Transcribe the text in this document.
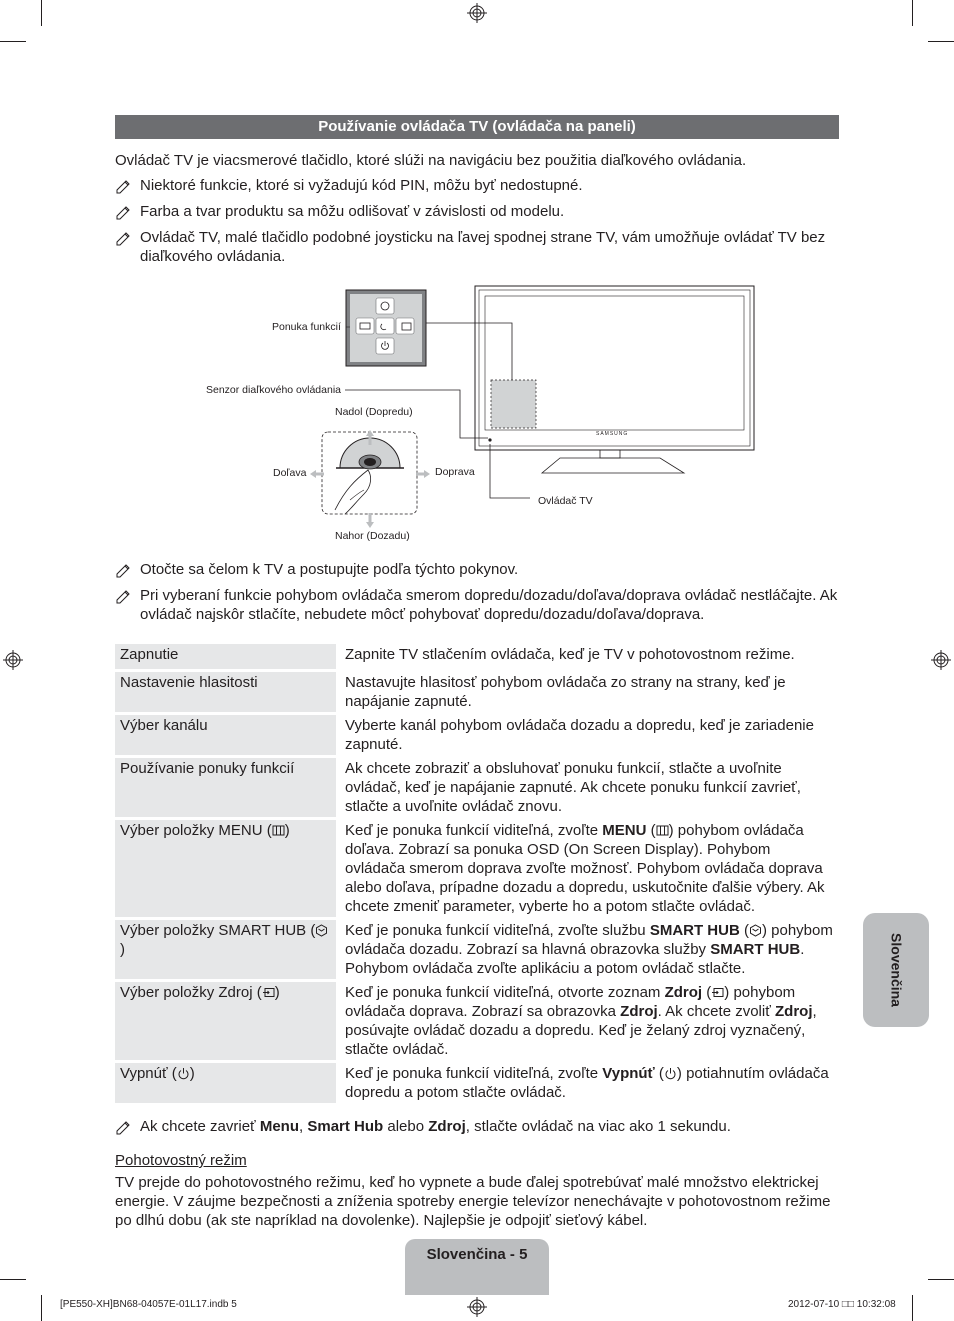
Používanie ovládača TV (ovládača na paneli)
Ovládač TV je viacsmerové tlačidlo, ktoré slúži na navigáciu bez použitia diaľkového ovládania.
Niektoré funkcie, ktoré si vyžadujú kód PIN, môžu byť nedostupné.
Farba a tvar produktu sa môžu odlišovať v závislosti od modelu.
Ovládač TV, malé tlačidlo podobné joysticku na ľavej spodnej strane TV, vám umožňuje ovládať TV bez diaľkového ovládania.
Ponuka funkcií
Senzor diaľkového ovládania
Nadol (Dopredu)
Doľava	Doprava
Nahor (Dozadu)
Ovládač TV
SAMSUNG
Otočte sa čelom k TV a postupujte podľa týchto pokynov.
Pri vyberaní funkcie pohybom ovládača smerom dopredu/dozadu/doľava/doprava ovládač nestláčajte. Ak ovládač najskôr stlačíte, nebudete môcť pohybovať dopredu/dozadu/doľava/doprava.
Zapnutie		Zapnite TV stlačením ovládača, keď je TV v pohotovostnom režime.
Nastavenie hlasitosti		Nastavujte hlasitosť pohybom ovládača zo strany na strany, keď je napájanie zapnuté.
Výber kanálu		Vyberte kanál pohybom ovládača dozadu a dopredu, keď je zariadenie zapnuté.
Používanie ponuky funkcií		Ak chcete zobraziť a obsluhovať ponuku funkcií, stlačte a uvoľnite ovládač, keď je napájanie zapnuté. Ak chcete ponuku funkcií zavrieť, stlačte a uvoľnite ovládač znovu.
Výber položky MENU ( )		Keď je ponuka funkcií viditeľná, zvoľte MENU ( ) pohybom ovládača doľava. Zobrazí sa ponuka OSD (On Screen Display). Pohybom ovládača smerom doprava zvoľte možnosť. Pohybom ovládača doprava alebo doľava, prípadne dozadu a dopredu, uskutočnite ďalšie výbery. Ak chcete zmeniť parameter, vyberte ho a potom stlačte ovládač.
Výber položky SMART HUB ()		Keď je ponuka funkcií viditeľná, zvoľte službu SMART HUB ( ) pohybom ovládača dozadu. Zobrazí sa hlavná obrazovka služby SMART HUB. Pohybom ovládača zvoľte aplikáciu a potom ovládač stlačte.
Výber položky Zdroj ( )		Keď je ponuka funkcií viditeľná, otvorte zoznam Zdroj ( ) pohybom ovládača doprava. Zobrazí sa obrazovka Zdroj. Ak chcete zvoliť Zdroj, posúvajte ovládač dozadu a dopredu. Keď je želaný zdroj vyznačený, stlačte ovládač.
Vypnúť ( )		Keď je ponuka funkcií viditeľná, zvoľte Vypnúť ( ) potiahnutím ovládača dopredu a potom stlačte ovládač.
Ak chcete zavrieť Menu, Smart Hub alebo Zdroj, stlačte ovládač na viac ako 1 sekundu.
Pohotovostný režim
TV prejde do pohotovostného režimu, keď ho vypnete a bude ďalej spotrebúvať malé množstvo elektrickej energie. V záujme bezpečnosti a zníženia spotreby energie televízor nenechávajte v pohotovostnom režime po dlhú dobu (ak ste napríklad na dovolenke). Najlepšie je odpojiť sieťový kábel.
Slovenčina
Slovenčina - 5
[PE550-XH]BN68-04057E-01L17.indb 5	2012-07-10 □□ 10:32:08
